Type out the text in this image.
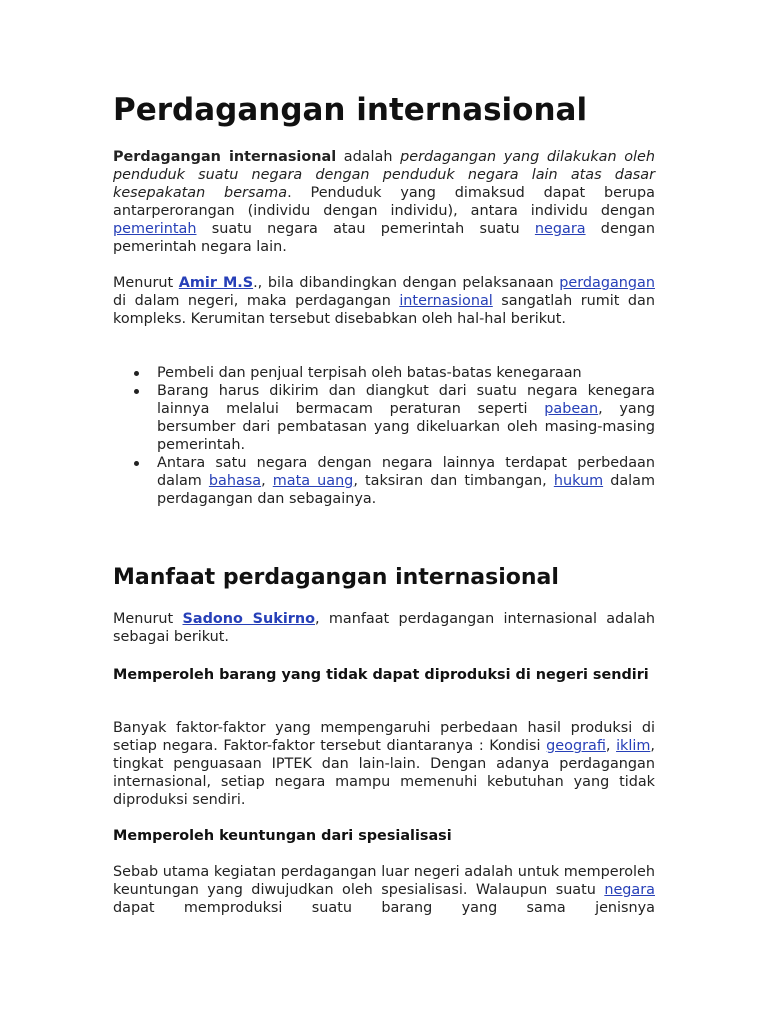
Perdagangan internasional

Perdagangan internasional adalah perdagangan yang dilakukan oleh penduduk suatu negara dengan penduduk negara lain atas dasar kesepakatan bersama. Penduduk yang dimaksud dapat berupa antarperorangan (individu dengan individu), antara individu dengan pemerintah suatu negara atau pemerintah suatu negara dengan pemerintah negara lain.

Menurut Amir M.S., bila dibandingkan dengan pelaksanaan perdagangan di dalam negeri, maka perdagangan internasional sangatlah rumit dan kompleks. Kerumitan tersebut disebabkan oleh hal-hal berikut.

Pembeli dan penjual terpisah oleh batas-batas kenegaraan
Barang harus dikirim dan diangkut dari suatu negara kenegara lainnya melalui bermacam peraturan seperti pabean, yang bersumber dari pembatasan yang dikeluarkan oleh masing-masing pemerintah.
Antara satu negara dengan negara lainnya terdapat perbedaan dalam bahasa, mata uang, taksiran dan timbangan, hukum dalam perdagangan dan sebagainya.
Manfaat perdagangan internasional

Menurut Sadono Sukirno, manfaat perdagangan internasional adalah sebagai berikut.

Memperoleh barang yang tidak dapat diproduksi di negeri sendiri

Banyak faktor-faktor yang mempengaruhi perbedaan hasil produksi di setiap negara. Faktor-faktor tersebut diantaranya : Kondisi geografi, iklim, tingkat penguasaan IPTEK dan lain-lain. Dengan adanya perdagangan internasional, setiap negara mampu memenuhi kebutuhan yang tidak diproduksi sendiri.

Memperoleh keuntungan dari spesialisasi

Sebab utama kegiatan perdagangan luar negeri adalah untuk memperoleh keuntungan yang diwujudkan oleh spesialisasi. Walaupun suatu negara dapat memproduksi suatu barang yang sama jenisnya
